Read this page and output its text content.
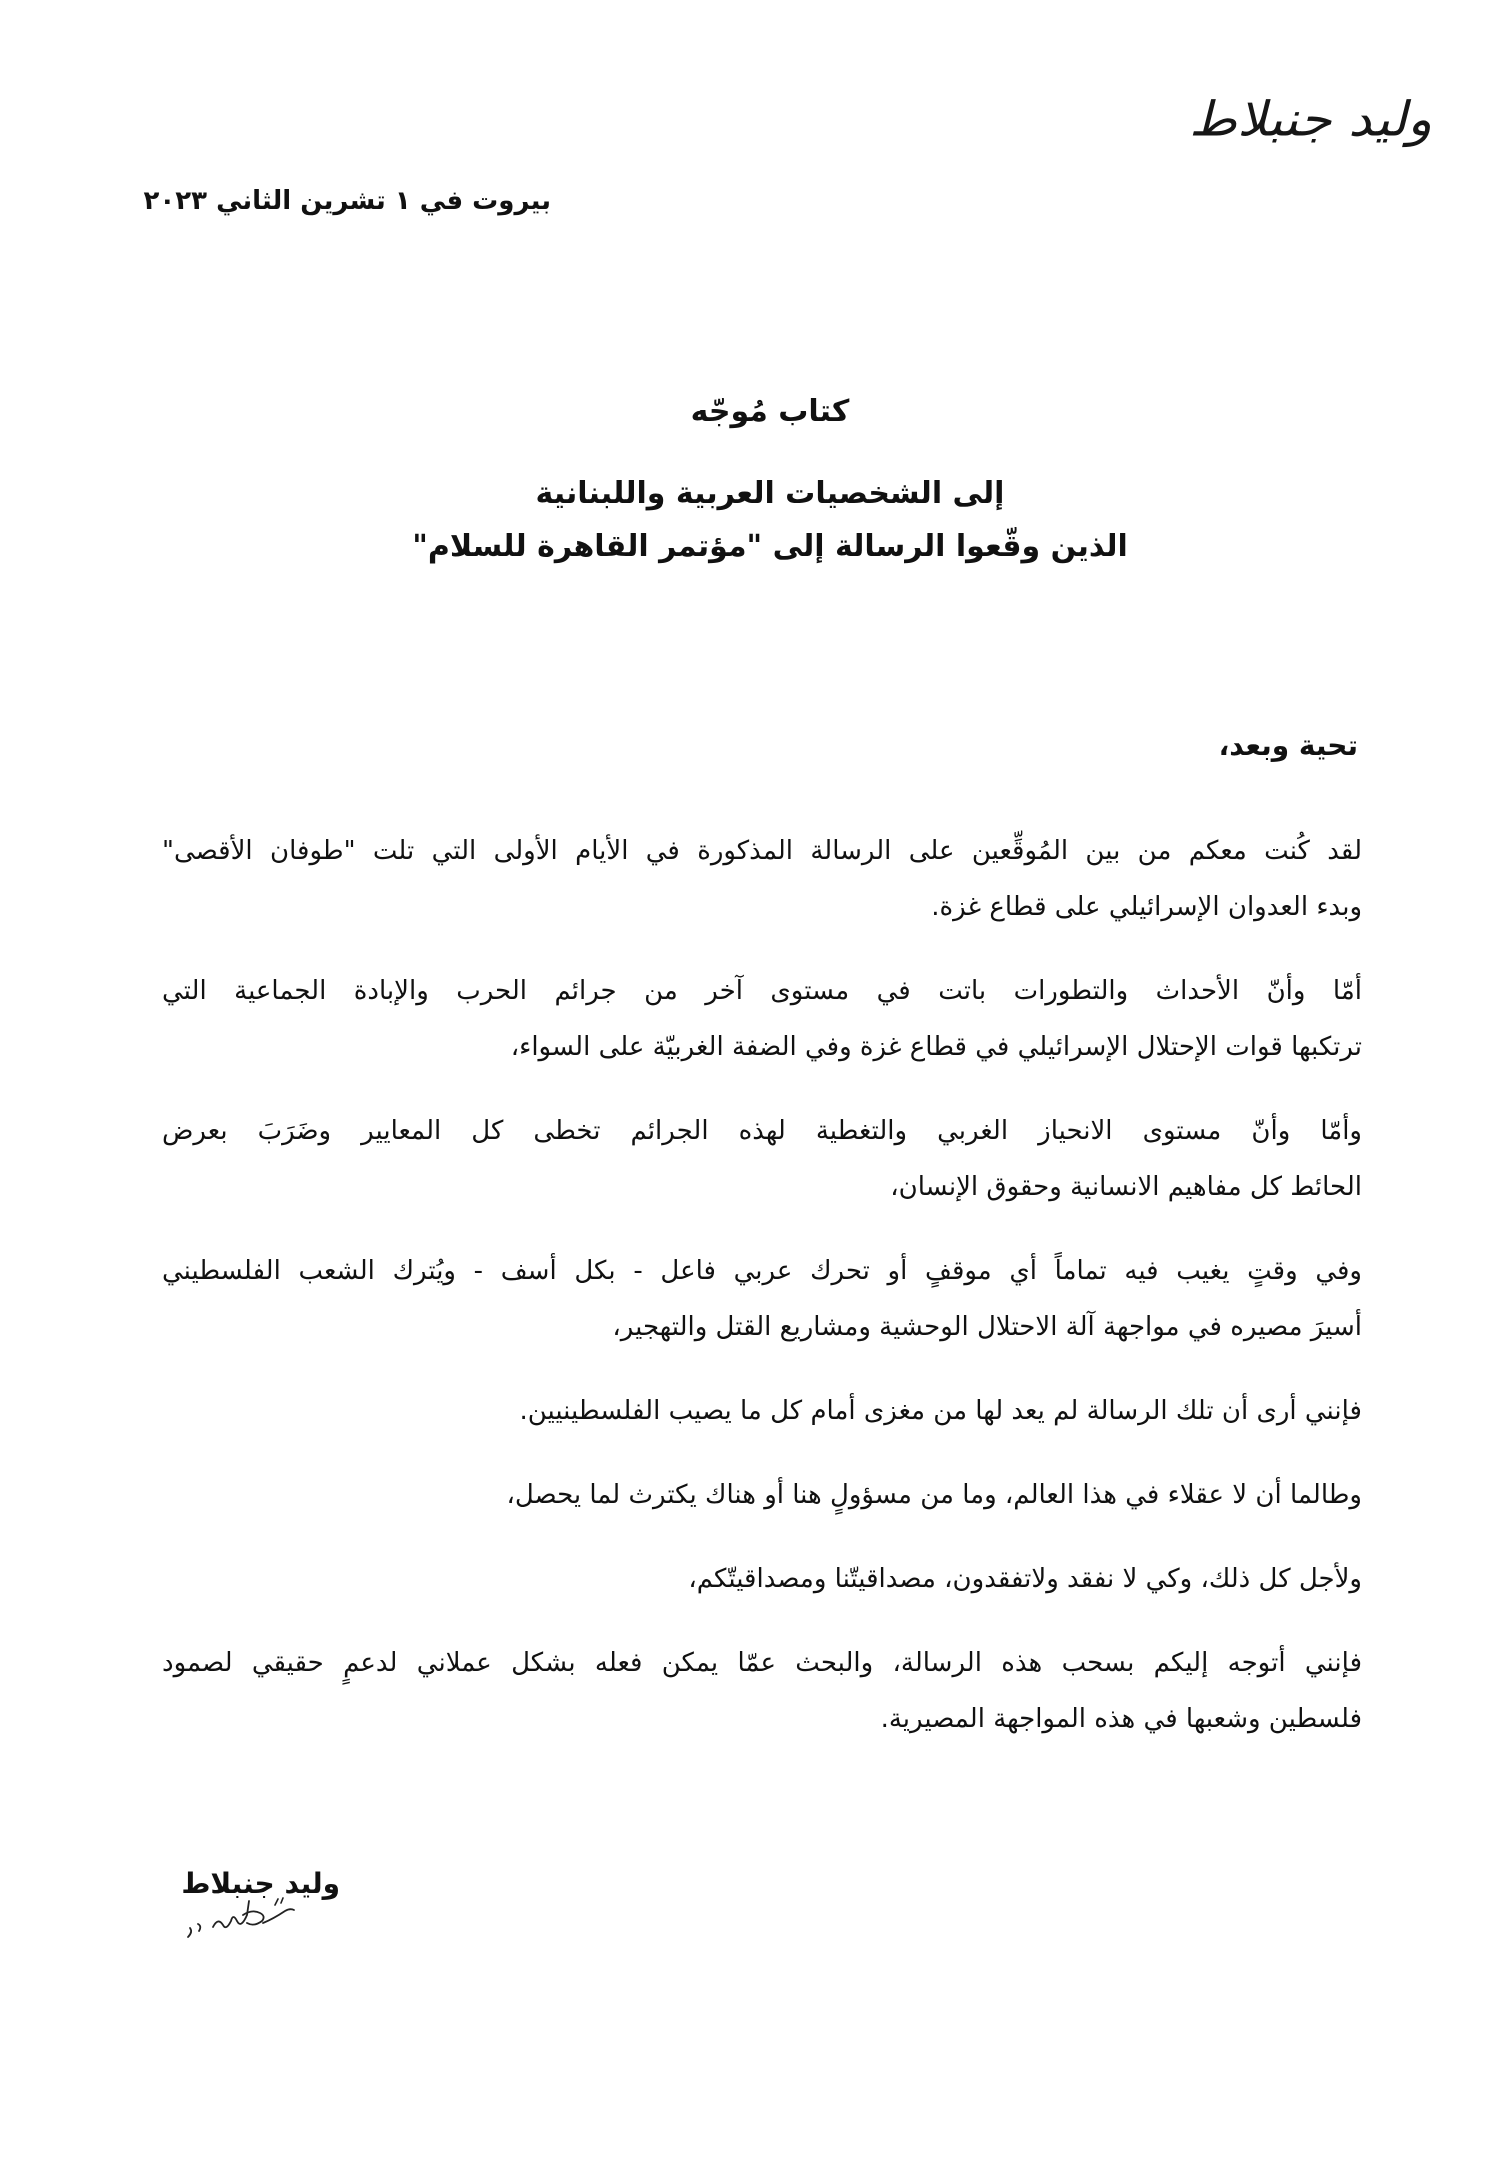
وليد جنبلاط
بيروت في ١ تشرين الثاني ٢٠٢٣
كتاب مُوجّه
إلى الشخصيات العربية واللبنانية
الذين وقّعوا الرسالة إلى "مؤتمر القاهرة للسلام"
تحية وبعد،

لقد كُنت معكم من بين المُوقِّعين على الرسالة المذكورة في الأيام الأولى التي تلت "طوفان الأقصى"
وبدء العدوان الإسرائيلي على قطاع غزة.

أمّا وأنّ الأحداث والتطورات باتت في مستوى آخر من جرائم الحرب والإبادة الجماعية التي
ترتكبها قوات الإحتلال الإسرائيلي في قطاع غزة وفي الضفة الغربيّة على السواء،

وأمّا وأنّ مستوى الانحياز الغربي والتغطية لهذه الجرائم تخطى كل المعايير وضَرَبَ بعرض
الحائط كل مفاهيم الانسانية وحقوق الإنسان،

وفي وقتٍ يغيب فيه تماماً أي موقفٍ أو تحرك عربي فاعل - بكل أسف - ويُترك الشعب الفلسطيني
أسيرَ مصيره في مواجهة آلة الاحتلال الوحشية ومشاريع القتل والتهجير،

فإنني أرى أن تلك الرسالة لم يعد لها من مغزى أمام كل ما يصيب الفلسطينيين.

وطالما أن لا عقلاء في هذا العالم، وما من مسؤولٍ هنا أو هناك يكترث لما يحصل،

ولأجل كل ذلك، وكي لا نفقد ولاتفقدون، مصداقيتّنا ومصداقيتّكم،

فإنني أتوجه إليكم بسحب هذه الرسالة، والبحث عمّا يمكن فعله بشكل عملاني لدعمٍ حقيقي لصمود
فلسطين وشعبها في هذه المواجهة المصيرية.

وليد جنبلاط
